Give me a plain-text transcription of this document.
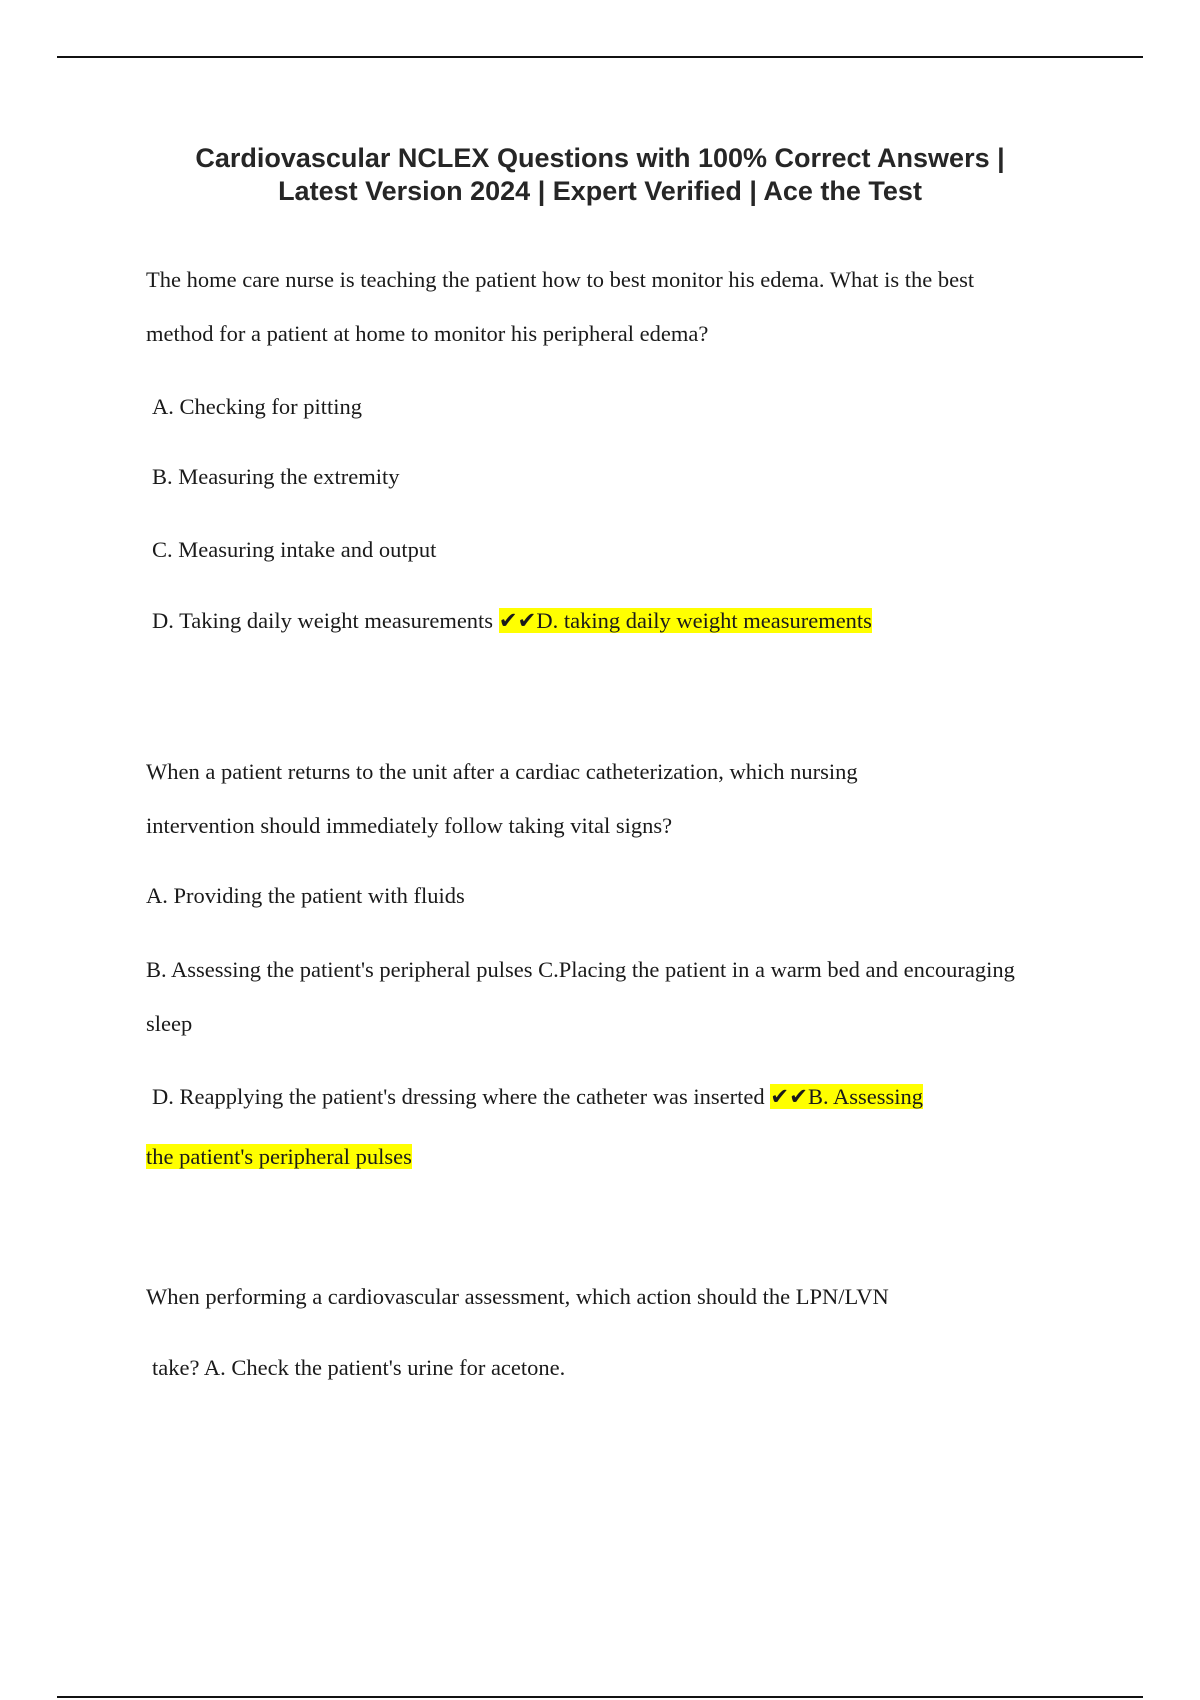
Cardiovascular NCLEX Questions with 100% Correct Answers |
Latest Version 2024 | Expert Verified | Ace the Test
The home care nurse is teaching the patient how to best monitor his edema. What is the best
method for a patient at home to monitor his peripheral edema?
A. Checking for pitting
B. Measuring the extremity
C. Measuring intake and output
D. Taking daily weight measurements ✔✔D. taking daily weight measurements
When a patient returns to the unit after a cardiac catheterization, which nursing
intervention should immediately follow taking vital signs?
A. Providing the patient with fluids
B. Assessing the patient's peripheral pulses C.Placing the patient in a warm bed and encouraging
sleep
D. Reapplying the patient's dressing where the catheter was inserted ✔✔B. Assessing
the patient's peripheral pulses
When performing a cardiovascular assessment, which action should the LPN/LVN
take? A. Check the patient's urine for acetone.
